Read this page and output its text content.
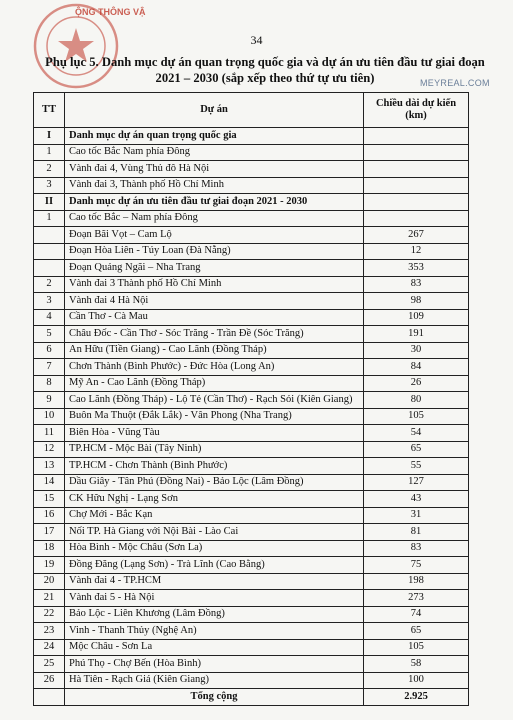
ỘNG THÔNG VẬ
34
Phụ lục 5. Danh mục dự án quan trọng quốc gia và dự án ưu tiên đầu tư giai đoạn
2021 – 2030 (sắp xếp theo thứ tự ưu tiên)	MEYREAL.COM
TT	Dự án	Chiều dài dự kiến (km)
I	Danh mục dự án quan trọng quốc gia	
1	Cao tốc Bắc Nam phía Đông	
2	Vành đai 4, Vùng Thủ đô Hà Nội	
3	Vành đai 3, Thành phố Hồ Chí Minh	
II	Danh mục dự án ưu tiên đầu tư giai đoạn 2021 - 2030	
1	Cao tốc Bắc – Nam phía Đông	
	Đoạn Bãi Vọt – Cam Lộ	267
	Đoạn Hòa Liên - Túy Loan (Đà Nẵng)	12
	Đoạn Quảng Ngãi – Nha Trang	353
2	Vành đai 3 Thành phố Hồ Chí Minh	83
3	Vành đai 4 Hà Nội	98
4	Cần Thơ - Cà Mau	109
5	Châu Đốc - Cần Thơ - Sóc Trăng - Trần Đề (Sóc Trăng)	191
6	An Hữu (Tiền Giang) - Cao Lãnh (Đồng Tháp)	30
7	Chơn Thành (Bình Phước) - Đức Hòa (Long An)	84
8	Mỹ An - Cao Lãnh (Đồng Tháp)	26
9	Cao Lãnh (Đồng Tháp) - Lộ Tẻ (Cần Thơ) - Rạch Sỏi (Kiên Giang)	80
10	Buôn Ma Thuột (Đắk Lắk) - Vân Phong (Nha Trang)	105
11	Biên Hòa - Vũng Tàu	54
12	TP.HCM - Mộc Bài (Tây Ninh)	65
13	TP.HCM - Chơn Thành (Bình Phước)	55
14	Dầu Giây - Tân Phú (Đồng Nai) - Bảo Lộc (Lâm Đồng)	127
15	CK Hữu Nghị - Lạng Sơn	43
16	Chợ Mới - Bắc Kạn	31
17	Nối TP. Hà Giang với Nội Bài - Lào Cai	81
18	Hòa Bình - Mộc Châu (Sơn La)	83
19	Đồng Đăng (Lạng Sơn) - Trà Lĩnh (Cao Bằng)	75
20	Vành đai 4 - TP.HCM	198
21	Vành đai 5 - Hà Nội	273
22	Bảo Lộc - Liên Khương (Lâm Đồng)	74
23	Vinh - Thanh Thủy (Nghệ An)	65
24	Mộc Châu - Sơn La	105
25	Phú Thọ - Chợ Bến (Hòa Bình)	58
26	Hà Tiên - Rạch Giá (Kiên Giang)	100
	Tổng cộng	2.925
